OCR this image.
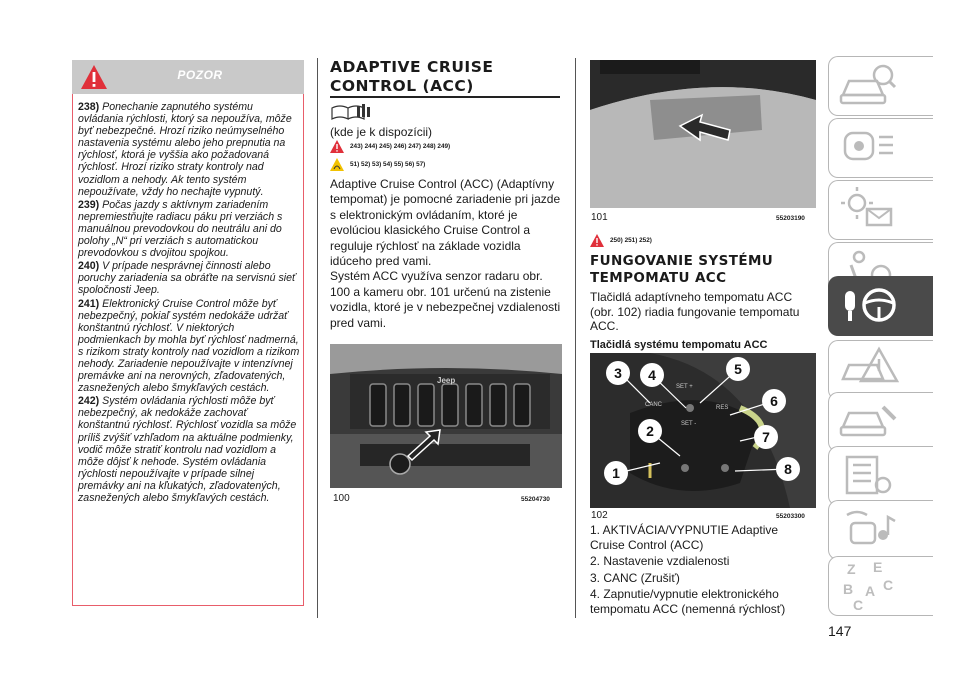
POZOR

238) Ponechanie zapnutého systému ovládania rýchlosti, ktorý sa nepoužíva, môže byť nebezpečné. Hrozí riziko neúmyselného nastavenia systému alebo jeho prepnutia na rýchlosť, ktorá je vyššia ako požadovaná rýchlosť. Hrozí riziko straty kontroly nad vozidlom a nehody. Ak tento systém nepoužívate, vždy ho nechajte vypnutý.

239) Počas jazdy s aktívnym zariadením nepremiestňujte radiacu páku pri verziách s manuálnou prevodovkou do neutrálu ani do polohy „N“ pri verziách s automatickou prevodovkou s dvojitou spojkou.

240) V prípade nesprávnej činnosti alebo poruchy zariadenia sa obráťte na servisnú sieť spoločnosti Jeep.

241) Elektronický Cruise Control môže byť nebezpečný, pokiaľ systém nedokáže udržať konštantnú rýchlosť. V niektorých podmienkach by mohla byť rýchlosť nadmerná, s rizikom straty kontroly nad vozidlom a rizikom nehody. Zariadenie nepoužívajte v intenzívnej premávke ani na nerovných, zľadovatených, zasnežených alebo šmykľavých cestách.

242) Systém ovládania rýchlosti môže byť nebezpečný, ak nedokáže zachovať konštantnú rýchlosť. Rýchlosť vozidla sa môže príliš zvýšiť vzhľadom na aktuálne podmienky, vodič môže stratiť kontrolu nad vozidlom a môže dôjsť k nehode. Systém ovládania rýchlosti nepoužívajte v prípade silnej premávky ani na kľukatých, zľadovatených, zasnežených alebo šmykľavých cestách.

ADAPTIVE CRUISE
CONTROL (ACC)
(kde je k dispozícii)
243) 244) 245) 246) 247) 248) 249)
51) 52) 53) 54) 55) 56) 57)

Adaptive Cruise Control (ACC) (Adaptívny tempomat) je pomocné zariadenie pri jazde s elektronickým ovládaním, ktoré je evolúciou klasického Cruise Control a reguluje rýchlosť na základe vozidla idúceho pred vami.

Systém ACC využíva senzor radaru obr. 100 a kameru obr. 101 určenú na zistenie vozidla, ktoré je v nebezpečnej vzdialenosti pred vami.

Jeep
100	55204730
101	55203190
250) 251) 252)
FUNGOVANIE SYSTÉMU
TEMPOMATU ACC
Tlačidlá adaptívneho tempomatu ACC (obr. 102) riadia fungovanie tempomatu ACC.
Tlačidlá systému tempomatu ACC
SET -
RES
SET +
CANC
1
2
3	4	5
6
7
8
102	55203300
1. AKTIVÁCIA/VYPNUTIE Adaptive Cruise Control (ACC)
2. Nastavenie vzdialenosti
3. CANC (Zrušiť)
4. Zapnutie/vypnutie elektronického tempomatu ACC (nemenná rýchlosť)
147
Z E
B C
A
C
